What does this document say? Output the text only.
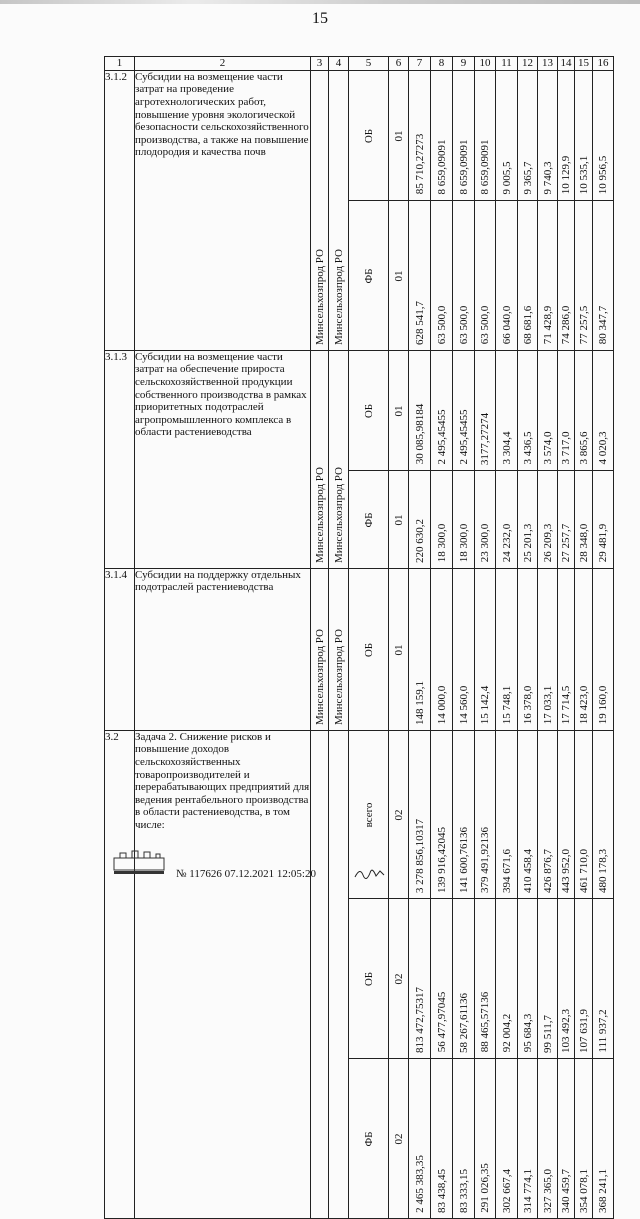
15
1	2	3	4	5	6	7	8	9	10	11	12	13	14	15	16
3.1.2	Субсидии на возмещение части затрат на проведение агротехнологических работ, повышение уровня экологической безопасности сельскохозяйственного производства, а также на повышение плодородия и качества почв	Минсельхозпрод РО	Минсельхозпрод РО	ОБ	01	85 710,27273	8 659,09091	8 659,09091	8 659,09091	9 005,5	9 365,7	9 740,3	10 129,9	10 535,1	10 956,5

				ФБ	01	628 541,7	63 500,0	63 500,0	63 500,0	66 040,0	68 681,6	71 428,9	74 286,0	77 257,5	80 347,7

3.1.3	Субсидии на возмещение части затрат на обеспечение прироста сельскохозяйственной продукции собственного производства в рамках приоритетных подотраслей агропромышленного комплекса в области растениеводства	Минсельхозпрод РО	Минсельхозпрод РО	ОБ	01	30 085,98184	2 495,45455	2 495,45455	3177,27274	3 304,4	3 436,5	3 574,0	3 717,0	3 865,6	4 020,3

				ФБ	01	220 630,2	18 300,0	18 300,0	23 300,0	24 232,0	25 201,3	26 209,3	27 257,7	28 348,0	29 481,9

3.1.4	Субсидии на поддержку отдельных подотраслей растениеводства	Минсельхозпрод РО	Минсельхозпрод РО	ОБ	01	148 159,1	14 000,0	14 560,0	15 142,4	15 748,1	16 378,0	17 033,1	17 714,5	18 423,0	19 160,0

3.2	Задача 2. Снижение рисков и повышение доходов сельскохозяйственных товаропроизводителей и перерабатывающих предприятий для ведения рентабельного производства в области растениеводства, в том числе:			всего	02	3 278 856,10317	139 916,42045	141 600,76136	379 491,92136	394 671,6	410 458,4	426 876,7	443 952,0	461 710,0	480 178,3

				ОБ	02	813 472,75317	56 477,97045	58 267,61136	88 465,57136	92 004,2	95 684,3	99 511,7	103 492,3	107 631,9	111 937,2

				ФБ	02	2 465 383,35	83 438,45	83 333,15	291 026,35	302 667,4	314 774,1	327 365,0	340 459,7	354 078,1	368 241,1
№ 117626 07.12.2021 12:05:20
